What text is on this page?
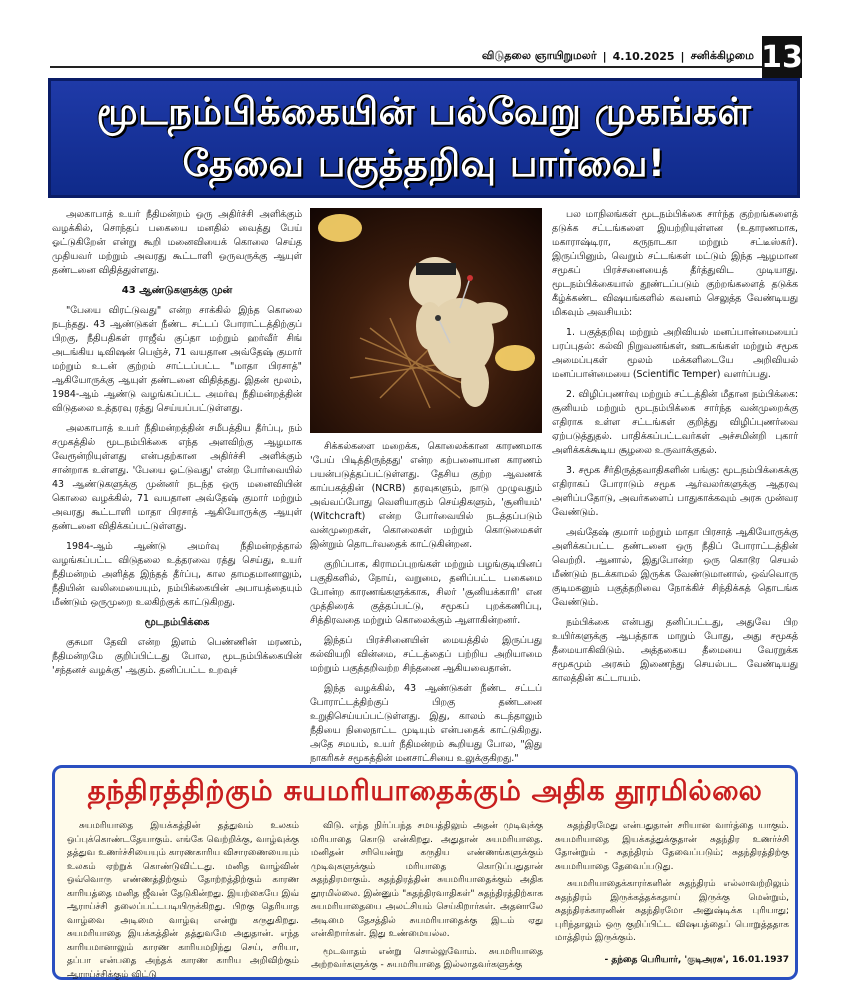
விடுதலை ஞாயிறுமலர் | 4.10.2025 | சனிக்கிழமை 13
மூடநம்பிக்கையின் பல்வேறு முகங்கள்
தேவை பகுத்தறிவு பார்வை!

அலகாபாத் உயர் நீதிமன்றம் ஒரு அதிர்ச்சி அளிக்கும் வழக்கில், சொந்தப் பகையை மனதில் வைத்து பேய் ஓட்டுகிறேன் என்று கூறி மனைவியைக் கொலை செய்த முதியவர் மற்றும் அவரது கூட்டாளி ஒருவருக்கு ஆயுள் தண்டனை விதித்துள்ளது.

43 ஆண்டுகளுக்கு முன்

"பேயை விரட்டுவது" என்ற சாக்கில் இந்த கொலை நடந்தது. 43 ஆண்டுகள் நீண்ட சட்டப் போராட்டத்திற்குப் பிறகு, நீதிபதிகள் ராஜீவ் குப்தா மற்றும் ஹர்வீர் சிங் அடங்கிய டிவிஷன் பெஞ்ச், 71 வயதான அவ்தேஷ் குமார் மற்றும் உடன் குற்றம் சாட்டப்பட்ட "மாதா பிரசாத்" ஆகியோருக்கு ஆயுள் தண்டனை விதித்தது. இதன் மூலம், 1984-ஆம் ஆண்டு வழங்கப்பட்ட அமர்வு நீதிமன்றத்தின் விடுதலை உத்தரவு ரத்து செய்யப்பட்டுள்ளது.

அலகாபாத் உயர் நீதிமன்றத்தின் சமீபத்திய தீர்ப்பு, நம் சமுகத்தில் மூடநம்பிக்கை எந்த அளவிற்கு ஆழமாக வேரூன்றியுள்ளது என்பதற்கான அதிர்ச்சி அளிக்கும் சான்றாக உள்ளது. 'பேயை ஓட்டுவது' என்ற போர்வையில் 43 ஆண்டுகளுக்கு முன்னர் நடந்த ஒரு மனைவியின் கொலை வழக்கில், 71 வயதான அவ்தேஷ் குமார் மற்றும் அவரது கூட்டாளி மாதா பிரசாத் ஆகியோருக்கு ஆயுள் தண்டனை விதிக்கப்பட்டுள்ளது.

1984-ஆம் ஆண்டு அமர்வு நீதிமன்றத்தால் வழங்கப்பட்ட விடுதலை உத்தரவை ரத்து செய்து, உயர் நீதிமன்றம் அளித்த இந்தத் தீர்ப்பு, கால தாமதமானாலும், நீதியின் வலிமையையும், நம்பிக்கையின் அபாயத்தையும் மீண்டும் ஒருமுறை உலகிற்குக் காட்டுகிறது.

மூடநம்பிக்கை

குசுமா தேவி என்ற இளம் பெண்ணின் மரணம், நீதிமன்றமே குறிப்பிட்டது போல, மூடநம்பிக்கையின் 'சந்தனச் வழக்கு' ஆகும். தனிப்பட்ட உறவுச்

சிக்கல்களை மறைக்க, கொலைக்கான காரணமாக 'பேய் பிடித்திருந்தது' என்ற கற்பனையான காரணம் பயன்படுத்தப்பட்டுள்ளது. தேசிய குற்ற ஆவணக் காப்பகத்தின் (NCRB) தரவுகளும், நாடு முழுவதும் அவ்வப்போது வெளியாகும் செய்திகளும், 'சூனியம்' (Witchcraft) என்ற போர்வையில் நடத்தப்படும் வன்முறைகள், கொலைகள் மற்றும் கொடுமைகள் இன்றும் தொடர்வதைக் காட்டுகின்றன.

குறிப்பாக, கிராமப்புறங்கள் மற்றும் பழங்குடியினப் பகுதிகளில், நோய், வறுமை, தனிப்பட்ட பகைமை போன்ற காரணங்களுக்காக, சிலர் 'சூனியக்காரி' என முத்திரைக் குத்தப்பட்டு, சமூகப் புறக்கணிப்பு, சித்திரவதை மற்றும் கொலைக்கும் ஆளாகின்றனர்.

இந்தப் பிரச்சினையின் மையத்தில் இருப்பது கல்வியறி வின்மை, சட்டத்தைப் பற்றிய அறியாமை மற்றும் பகுத்தறிவற்ற சிந்தனை ஆகியவைதான்.

இந்த வழக்கில், 43 ஆண்டுகள் நீண்ட சட்டப் போராட்டத்திற்குப் பிறகு தண்டனை உறுதிசெய்யப்பட்டுள்ளது. இது, காலம் கடந்தாலும் நீதியை நிலைநாட்ட முடியும் என்பதைக் காட்டுகிறது. அதே சமயம், உயர் நீதிமன்றம் கூறியது போல, "இது நாகரிகச் சமூகத்தின் மனசாட்சியை உலுக்குகிறது."

பல மாநிலங்கள் மூடநம்பிக்கை சார்ந்த குற்றங்களைத் தடுக்க சட்டங்களை இயற்றியுள்ளன (உதாரணமாக, மகாராஷ்டிரா, கருநாடகா மற்றும் சட்டீஸ்கர்). இருப்பினும், வெறும் சட்டங்கள் மட்டும் இந்த ஆழமான சமூகப் பிரச்சனையைத் தீர்த்துவிட முடியாது. மூடநம்பிக்கையால் தூண்டப்படும் குற்றங்களைத் தடுக்க கீழ்க்கண்ட விஷயங்களில் கவனம் செலுத்த வேண்டியது மிகவும் அவசியம்:

1. பகுத்தறிவு மற்றும் அறிவியல் மனப்பான்மையைப் பரப்புதல்: கல்வி நிறுவனங்கள், ஊடகங்கள் மற்றும் சமூக அமைப்புகள் மூலம் மக்களிடையே அறிவியல் மனப்பான்மையை (Scientific Temper) வளர்ப்பது.

2. விழிப்புணர்வு மற்றும் சட்டத்தின் மீதான நம்பிக்கை: சூனியம் மற்றும் மூடநம்பிக்கை சார்ந்த வன்முறைக்கு எதிராக உள்ள சட்டங்கள் குறித்து விழிப்புணர்வை ஏற்படுத்துதல். பாதிக்கப்பட்டவர்கள் அச்சமின்றி புகார் அளிக்கக்கூடிய சூழலை உருவாக்குதல்.

3. சமூக சீர்திருத்தவாதிகளின் பங்கு: மூடநம்பிக்கைக்கு எதிராகப் போராடும் சமூக ஆர்வலர்களுக்கு ஆதரவு அளிப்பதோடு, அவர்களைப் பாதுகாக்கவும் அரசு முன்வர வேண்டும்.

அவ்தேஷ் குமார் மற்றும் மாதா பிரசாத் ஆகியோருக்கு அளிக்கப்பட்ட தண்டனை ஒரு நீதிப் போராட்டத்தின் வெற்றி. ஆனால், இதுபோன்ற ஒரு கொடூர செயல் மீண்டும் நடக்காமல் இருக்க வேண்டுமானால், ஒவ்வொரு குடிமகனும் பகுத்தறிவை நோக்கிச் சிந்திக்கத் தொடங்க வேண்டும்.

நம்பிக்கை என்பது தனிப்பட்டது, அதுவே பிற உயிர்களுக்கு ஆபத்தாக மாறும் போது, அது சமூகத் தீமையாகிவிடும். அத்தகைய தீமையை வேரறுக்க சமூகமும் அரசும் இணைந்து செயல்பட வேண்டியது காலத்தின் கட்டாயம்.

தந்திரத்திற்கும் சுயமரியாதைக்கும் அதிக தூரமில்லை

சுயமரியாதை இயக்கத்தின் தத்துவம் உலகம் ஒப்புக்கொண்டதேயாகும். எங்கே வெற்றிக்கு, வாழ்வுக்கு தத்துவ உணர்ச்சியையும் காரணகாரிய விசாரணையையும் உலகம் ஏற்றுக் கொண்டுவிட்டது. மனித வாழ்வின் ஒவ்வொரு எண்ணத்திற்கும் தோற்றத்திற்கும் காரண காரியத்தை மனித ஜீவன் தேடுகின்றது. இயற்கையே இவ் ஆராய்ச்சி தலைப்பட்டபடியிருக்கிறது. பிறகு தெரியாத வாழ்வை அடிமை வாழ்வு என்று கருதுகிறது. சுயமரியாதை இயக்கத்தின் தத்துவமே அதுதான். எந்த காரியமானாலும் காரண காரியமறிந்து செய், சரியா, தப்பா என்பதை அந்தக் காரண காரிய அறிவிற்கும் ஆராய்ச்சிக்கும் விட்டு

விடு. எந்த நிர்ப்பந்த சமயத்திலும் அதன் முடிவுக்கு மரியாதை கொடு என்கிறது. அதுதான் சுயமரியாதை. மனிதன் சரியென்று கருதிய எண்ணங்களுக்கும் முடிவுகளுக்கும் மரியாதை கொடுப்பதுதான் சுதந்திரமாகும். சுதந்திரத்தின் சுயமரியாதைக்கும் அதிக தூரமில்லை. இன்னும் "சுதந்திரவாதிகள்" சுதந்திரத்திற்காக சுயமரியாதையை அலட்சியம் செய்கிறார்கள். அதனாலே அடிமை தேசத்தில் சுயமரியாதைக்கு இடம் ஏது என்கிறார்கள். இது உண்மையல்ல.

மூடவாதம் என்று சொல்லுவோம். சுயமரியாதை அற்றவர்களுக்கு - சுயமரியாதை இல்லாதவர்களுக்கு

சுதந்திரமேது என்பதுதான் சரியான வார்த்தை யாகும். சுயமரியாதை இயக்கத்துக்குதான் சுதந்திர உணர்ச்சி தோன்றும் - சுதந்திரம் தேவைப்படும்; சுதந்திரத்திற்கு சுயமரியாதை தேவைப்படுது.

சுயமரியாதைக்காரர்களின் சுதந்திரம் எல்லாவற்றிலும் சுதந்திரம் இருக்கத்தக்கதாய் இருக்கு மென்றும், சுதந்திரக்காரனின் சுதந்திரமோ அனுஷ்டிக்க புரியாது; புரிந்தாலும் ஒரு குறிப்பிட்ட விஷயத்தைப் பொறுத்ததாக மாத்திரம் இருக்கும்.

- தந்தை பெரியார், 'குடிஅரசு', 16.01.1937
